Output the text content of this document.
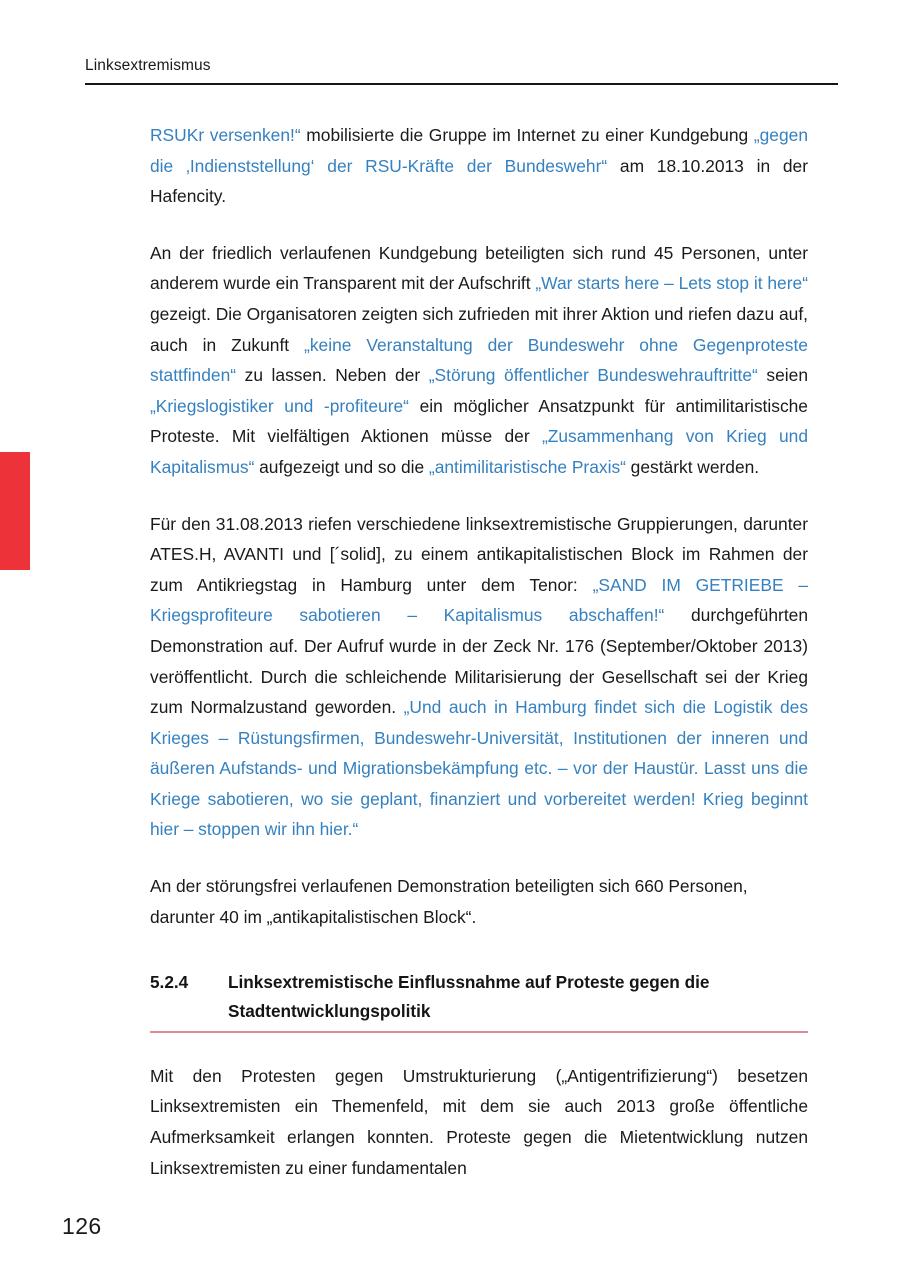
Linksextremismus

RSUKr versenken!“ mobilisierte die Gruppe im Internet zu einer Kundgebung „gegen die ‚Indienststellung‘ der RSU-Kräfte der Bundeswehr“ am 18.10.2013 in der Hafencity.

An der friedlich verlaufenen Kundgebung beteiligten sich rund 45 Personen, unter anderem wurde ein Transparent mit der Aufschrift „War starts here – Lets stop it here“ gezeigt. Die Organisatoren zeigten sich zufrieden mit ihrer Aktion und riefen dazu auf, auch in Zukunft „keine Veranstaltung der Bundeswehr ohne Gegenproteste stattfinden“ zu lassen. Neben der „Störung öffentlicher Bundeswehrauftritte“ seien „Kriegslogistiker und -profiteure“ ein möglicher Ansatzpunkt für antimilitaristische Proteste. Mit vielfältigen Aktionen müsse der „Zusammenhang von Krieg und Kapitalismus“ aufgezeigt und so die „antimilitaristische Praxis“ gestärkt werden.

Für den 31.08.2013 riefen verschiedene linksextremistische Gruppierungen, darunter ATES.H, AVANTI und [´solid], zu einem antikapitalistischen Block im Rahmen der zum Antikriegstag in Hamburg unter dem Tenor: „SAND IM GETRIEBE – Kriegsprofiteure sabotieren – Kapitalismus abschaffen!“ durchgeführten Demonstration auf. Der Aufruf wurde in der Zeck Nr. 176 (September/Oktober 2013) veröffentlicht. Durch die schleichende Militarisierung der Gesellschaft sei der Krieg zum Normalzustand geworden. „Und auch in Hamburg findet sich die Logistik des Krieges – Rüstungsfirmen, Bundeswehr-Universität, Institutionen der inneren und äußeren Aufstands- und Migrationsbekämpfung etc. – vor der Haustür. Lasst uns die Kriege sabotieren, wo sie geplant, finanziert und vorbereitet werden! Krieg beginnt hier – stoppen wir ihn hier.“

An der störungsfrei verlaufenen Demonstration beteiligten sich 660 Personen, darunter 40 im „antikapitalistischen Block“.

5.2.4	Linksextremistische Einflussnahme auf Proteste gegen die Stadtentwicklungspolitik

Mit den Protesten gegen Umstrukturierung („Antigentrifizierung“) besetzen Linksextremisten ein Themenfeld, mit dem sie auch 2013 große öffentliche Aufmerksamkeit erlangen konnten. Proteste gegen die Mietentwicklung nutzen Linksextremisten zu einer fundamentalen

126
